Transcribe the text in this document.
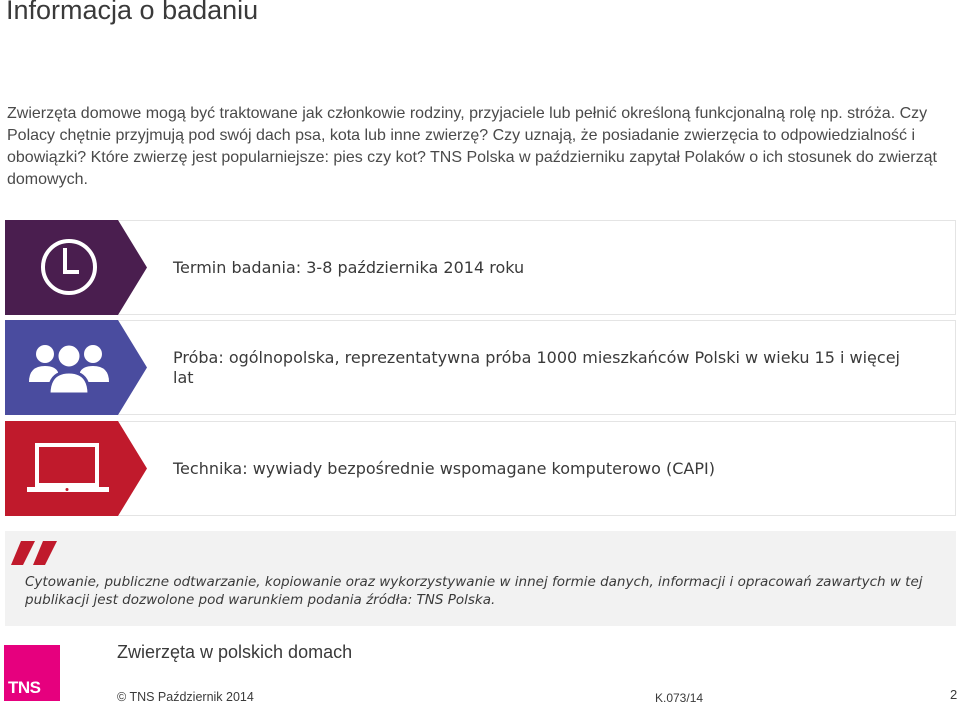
Informacja o badaniu
Zwierzęta domowe mogą być traktowane jak członkowie rodziny, przyjaciele lub pełnić określoną funkcjonalną rolę np. stróża. Czy Polacy chętnie przyjmują pod swój dach psa, kota lub inne zwierzę? Czy uznają, że posiadanie zwierzęcia to odpowiedzialność i obowiązki? Które zwierzę jest popularniejsze: pies czy kot? TNS Polska w październiku zapytał Polaków o ich stosunek do zwierząt domowych.
Termin badania: 3-8 października 2014 roku
Próba: ogólnopolska, reprezentatywna próba 1000 mieszkańców Polski w wieku 15 i więcej lat
Technika: wywiady bezpośrednie wspomagane komputerowo (CAPI)
Cytowanie, publiczne odtwarzanie, kopiowanie oraz wykorzystywanie w innej formie danych, informacji i opracowań zawartych w tej publikacji jest dozwolone pod warunkiem podania źródła: TNS Polska.
TNS
Zwierzęta w polskich domach
© TNS Październik 2014	K.073/14	2
